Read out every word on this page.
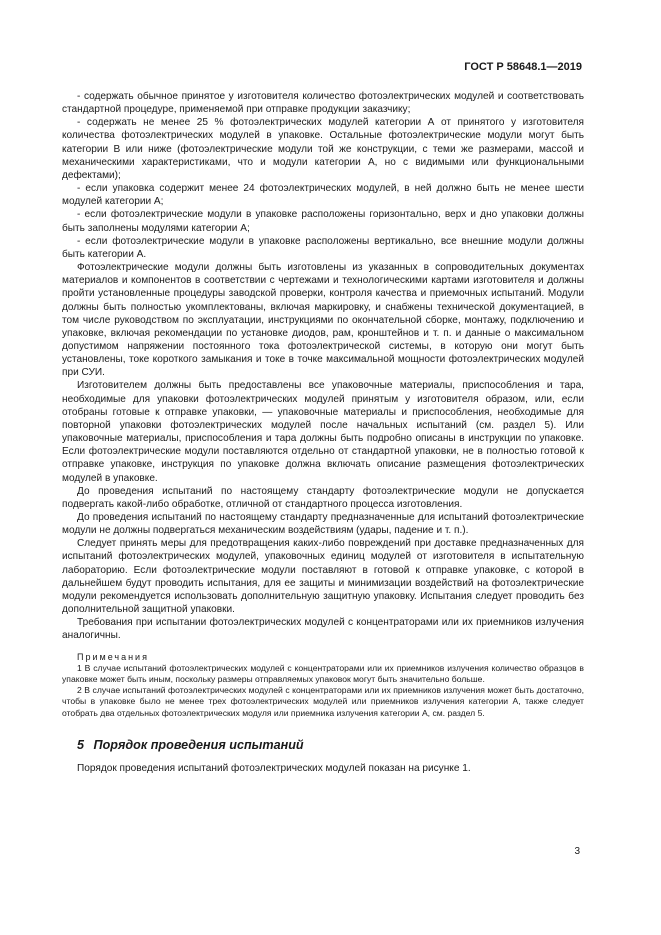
ГОСТ Р 58648.1—2019

- содержать обычное принятое у изготовителя количество фотоэлектрических модулей и соответствовать стандартной процедуре, применяемой при отправке продукции заказчику;

- содержать не менее 25 % фотоэлектрических модулей категории А от принятого у изготовителя количества фотоэлектрических модулей в упаковке. Остальные фотоэлектрические модули могут быть категории В или ниже (фотоэлектрические модули той же конструкции, с теми же размерами, массой и механическими характеристиками, что и модули категории А, но с видимыми или функциональными дефектами);

- если упаковка содержит менее 24 фотоэлектрических модулей, в ней должно быть не менее шести модулей категории А;

- если фотоэлектрические модули в упаковке расположены горизонтально, верх и дно упаковки должны быть заполнены модулями категории А;

- если фотоэлектрические модули в упаковке расположены вертикально, все внешние модули должны быть категории А.

Фотоэлектрические модули должны быть изготовлены из указанных в сопроводительных документах материалов и компонентов в соответствии с чертежами и технологическими картами изготовителя и должны пройти установленные процедуры заводской проверки, контроля качества и приемочных испытаний. Модули должны быть полностью укомплектованы, включая маркировку, и снабжены технической документацией, в том числе руководством по эксплуатации, инструкциями по окончательной сборке, монтажу, подключению и упаковке, включая рекомендации по установке диодов, рам, кронштейнов и т. п. и данные о максимальном допустимом напряжении постоянного тока фотоэлектрической системы, в которую они могут быть установлены, токе короткого замыкания и токе в точке максимальной мощности фотоэлектрических модулей при СУИ.

Изготовителем должны быть предоставлены все упаковочные материалы, приспособления и тара, необходимые для упаковки фотоэлектрических модулей принятым у изготовителя образом, или, если отобраны готовые к отправке упаковки, — упаковочные материалы и приспособления, необходимые для повторной упаковки фотоэлектрических модулей после начальных испытаний (см. раздел 5). Или упаковочные материалы, приспособления и тара должны быть подробно описаны в инструкции по упаковке. Если фотоэлектрические модули поставляются отдельно от стандартной упаковки, не в полностью готовой к отправке упаковке, инструкция по упаковке должна включать описание размещения фотоэлектрических модулей в упаковке.

До проведения испытаний по настоящему стандарту фотоэлектрические модули не допускается подвергать какой-либо обработке, отличной от стандартного процесса изготовления.

До проведения испытаний по настоящему стандарту предназначенные для испытаний фотоэлектрические модули не должны подвергаться механическим воздействиям (удары, падение и т. п.).

Следует принять меры для предотвращения каких-либо повреждений при доставке предназначенных для испытаний фотоэлектрических модулей, упаковочных единиц модулей от изготовителя в испытательную лабораторию. Если фотоэлектрические модули поставляют в готовой к отправке упаковке, с которой в дальнейшем будут проводить испытания, для ее защиты и минимизации воздействий на фотоэлектрические модули рекомендуется использовать дополнительную защитную упаковку. Испытания следует проводить без дополнительной защитной упаковки.

Требования при испытании фотоэлектрических модулей с концентраторами или их приемников излучения аналогичны.

Примечания

1 В случае испытаний фотоэлектрических модулей с концентраторами или их приемников излучения количество образцов в упаковке может быть иным, поскольку размеры отправляемых упаковок могут быть значительно больше.

2 В случае испытаний фотоэлектрических модулей с концентраторами или их приемников излучения может быть достаточно, чтобы в упаковке было не менее трех фотоэлектрических модулей или приемников излучения категории А, также следует отобрать два отдельных фотоэлектрических модуля или приемника излучения категории А, см. раздел 5.

5 Порядок проведения испытаний

Порядок проведения испытаний фотоэлектрических модулей показан на рисунке 1.

3
